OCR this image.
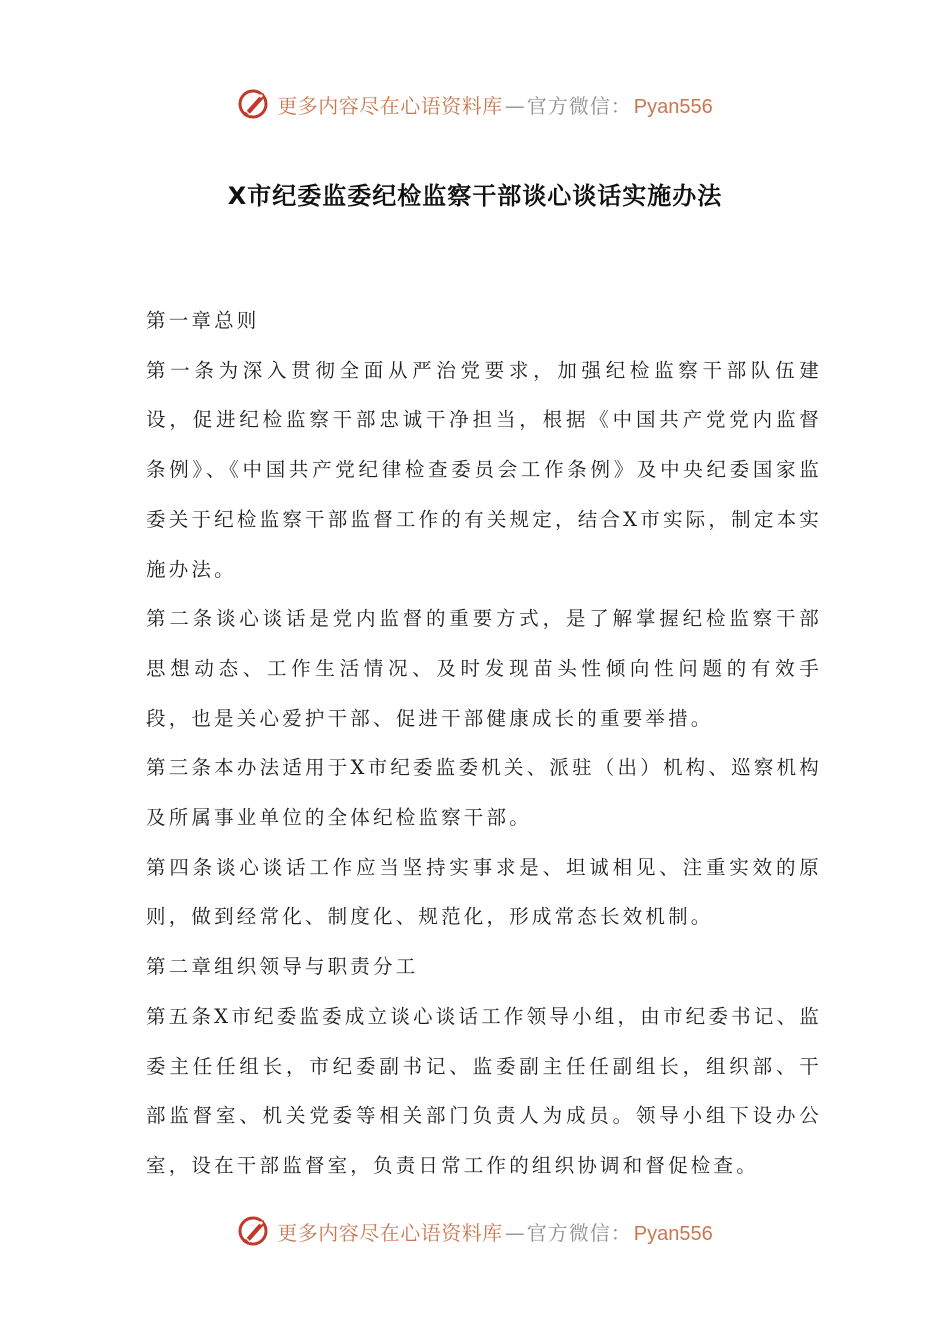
更多内容尽在心语资料库 — 官方微信： Pyan556
X市纪委监委纪检监察干部谈心谈话实施办法

第一章总则

第一条为深入贯彻全面从严治党要求，加强纪检监察干部队伍建设，促进纪检监察干部忠诚干净担当，根据《中国共产党党内监督条例》、《中国共产党纪律检查委员会工作条例》及中央纪委国家监委关于纪检监察干部监督工作的有关规定，结合X市实际，制定本实施办法。

第二条谈心谈话是党内监督的重要方式，是了解掌握纪检监察干部思想动态、工作生活情况、及时发现苗头性倾向性问题的有效手段，也是关心爱护干部、促进干部健康成长的重要举措。

第三条本办法适用于X市纪委监委机关、派驻（出）机构、巡察机构及所属事业单位的全体纪检监察干部。

第四条谈心谈话工作应当坚持实事求是、坦诚相见、注重实效的原则，做到经常化、制度化、规范化，形成常态长效机制。

第二章组织领导与职责分工

第五条X市纪委监委成立谈心谈话工作领导小组，由市纪委书记、监委主任任组长，市纪委副书记、监委副主任任副组长，组织部、干部监督室、机关党委等相关部门负责人为成员。领导小组下设办公室，设在干部监督室，负责日常工作的组织协调和督促检查。

更多内容尽在心语资料库 — 官方微信： Pyan556
